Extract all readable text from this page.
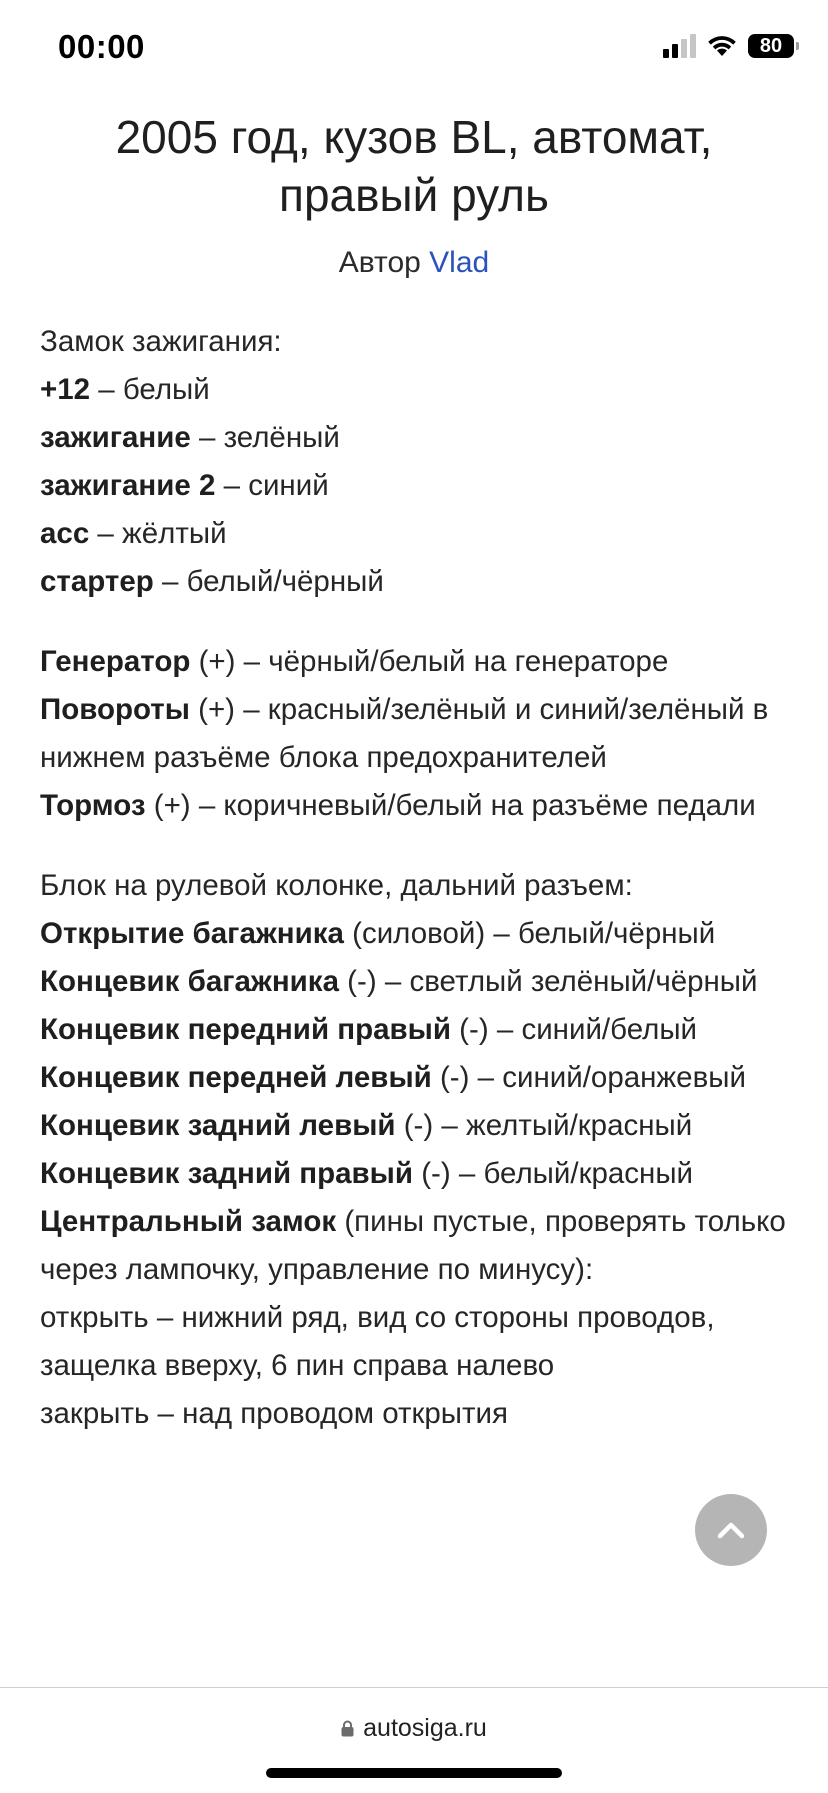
00:00	80
2005 год, кузов BL, автомат, правый руль
Автор Vlad

Замок зажигания:
+12 – белый
зажигание – зелёный
зажигание 2 – синий
асс – жёлтый
стартер – белый/чёрный

Генератор (+) – чёрный/белый на генераторе
Повороты (+) – красный/зелёный и синий/зелёный в нижнем разъёме блока предохранителей
Тормоз (+) – коричневый/белый на разъёме педали

Блок на рулевой колонке, дальний разъем:
Открытие багажника (силовой) – белый/чёрный
Концевик багажника (-) – светлый зелёный/чёрный
Концевик передний правый (-) – синий/белый
Концевик передней левый (-) – синий/оранжевый
Концевик задний левый (-) – желтый/красный
Концевик задний правый (-) – белый/красный
Центральный замок (пины пустые, проверять только через лампочку, управление по минусу):
открыть – нижний ряд, вид со стороны проводов, защелка вверху, 6 пин справа налево
закрыть – над проводом открытия

autosiga.ru
